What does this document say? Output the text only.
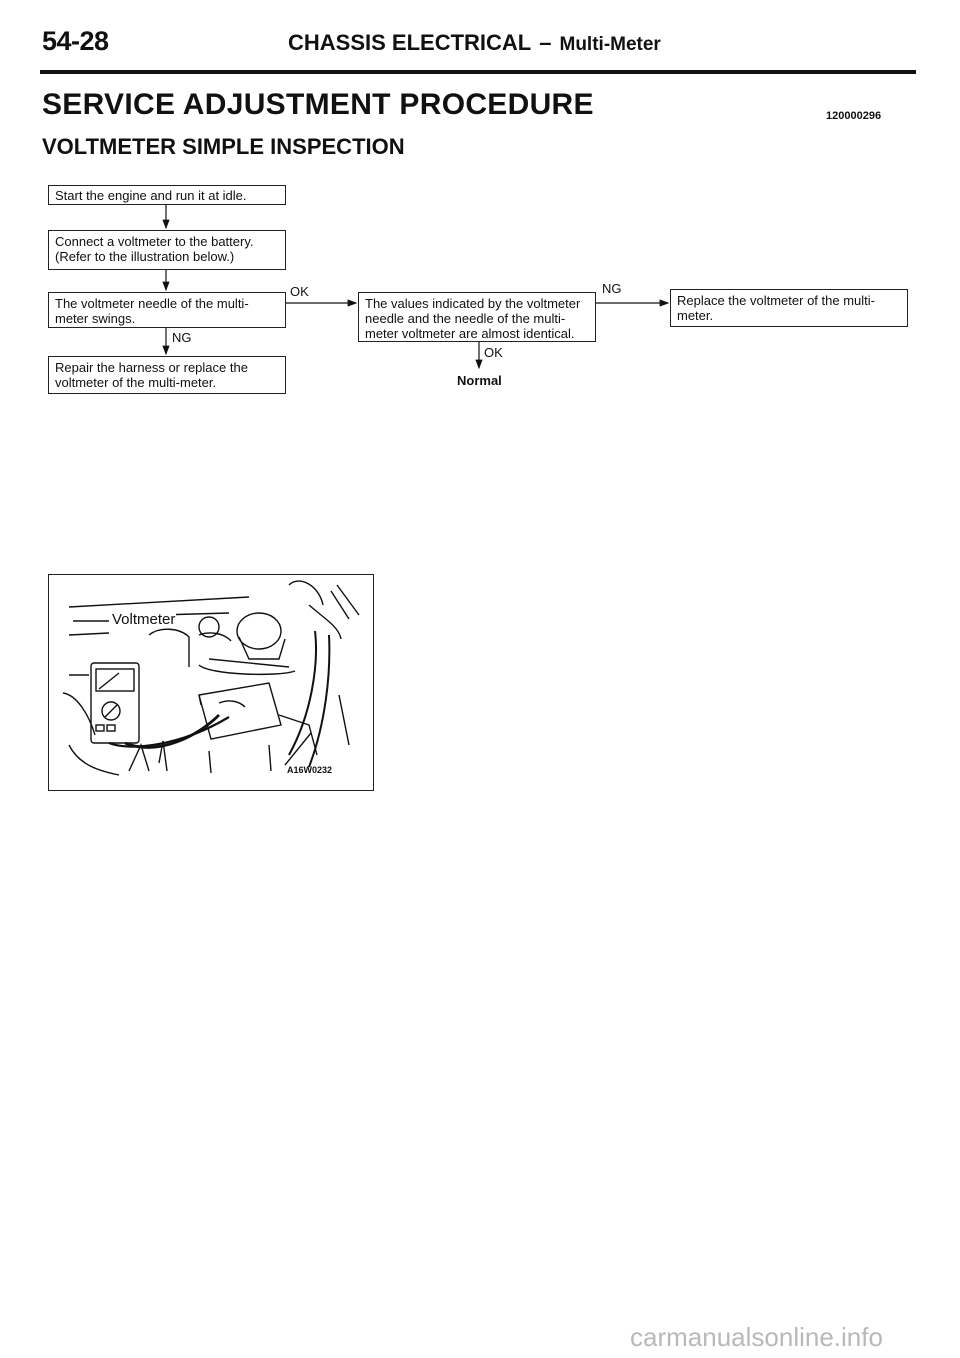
54-28	CHASSIS ELECTRICAL – Multi-Meter
SERVICE ADJUSTMENT PROCEDURE	120000296
VOLTMETER SIMPLE INSPECTION
Start the engine and run it at idle.
Connect a voltmeter to the battery. (Refer to the illustration below.)
The voltmeter needle of the multi-meter swings.
Repair the harness or replace the voltmeter of the multi-meter.
The values indicated by the voltmeter needle and the needle of the multi-meter voltmeter are almost identical.
Replace the voltmeter of the multi-meter.
OK
NG
NG
OK
Normal
Voltmeter
A16W0232
carmanualsonline.info
